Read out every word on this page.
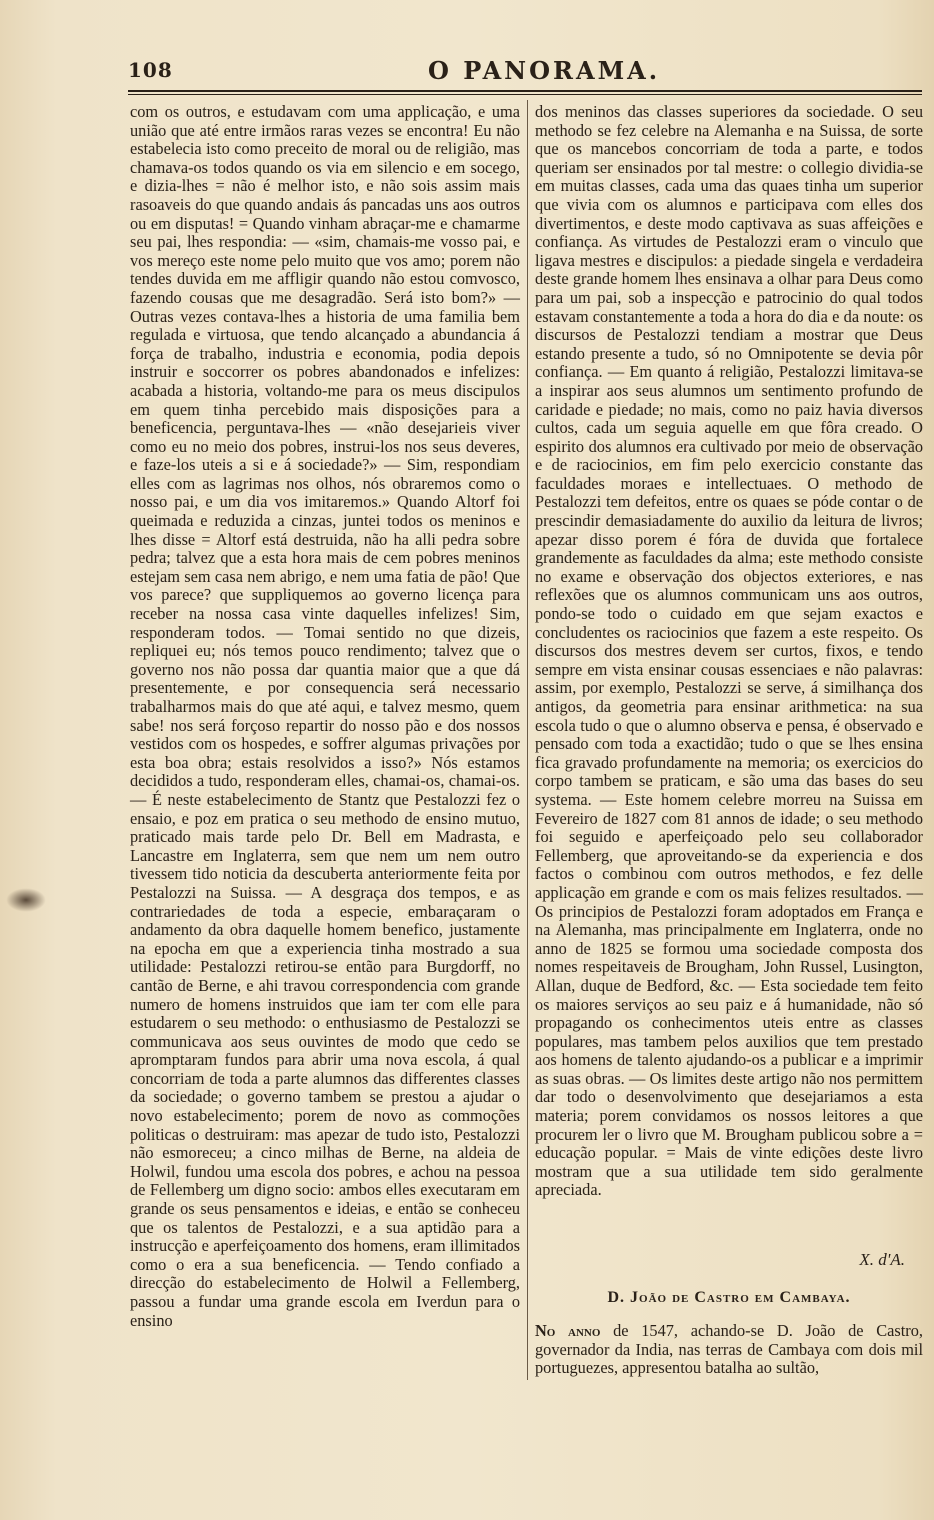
108	O PANORAMA.

com os outros, e estudavam com uma applicação, e uma união que até entre irmãos raras vezes se encontra! Eu não estabelecia isto como preceito de moral ou de religião, mas chamava-os todos quando os via em silencio e em socego, e dizia-lhes = não é melhor isto, e não sois assim mais rasoaveis do que quando andais ás pancadas uns aos outros ou em disputas! = Quando vinham abraçar-me e chamarme seu pai, lhes respondia: — «sim, chamais-me vosso pai, e vos mereço este nome pelo muito que vos amo; porem não tendes duvida em me affligir quando não estou comvosco, fazendo cousas que me desagradão. Será isto bom?» — Outras vezes contava-lhes a historia de uma familia bem regulada e virtuosa, que tendo alcançado a abundancia á força de trabalho, industria e economia, podia depois instruir e soccorrer os pobres abandonados e infelizes: acabada a historia, voltando-me para os meus discipulos em quem tinha percebido mais disposições para a beneficencia, perguntava-lhes — «não desejarieis viver como eu no meio dos pobres, instrui-los nos seus deveres, e faze-los uteis a si e á sociedade?» — Sim, respondiam elles com as lagrimas nos olhos, nós obraremos como o nosso pai, e um dia vos imitaremos.» Quando Altorf foi queimada e reduzida a cinzas, juntei todos os meninos e lhes disse = Altorf está destruida, não ha alli pedra sobre pedra; talvez que a esta hora mais de cem pobres meninos estejam sem casa nem abrigo, e nem uma fatia de pão! Que vos parece? que suppliquemos ao governo licença para receber na nossa casa vinte daquelles infelizes! Sim, responderam todos. — Tomai sentido no que dizeis, repliquei eu; nós temos pouco rendimento; talvez que o governo nos não possa dar quantia maior que a que dá presentemente, e por consequencia será necessario trabalharmos mais do que até aqui, e talvez mesmo, quem sabe! nos será forçoso repartir do nosso pão e dos nossos vestidos com os hospedes, e soffrer algumas privações por esta boa obra; estais resolvidos a isso?» Nós estamos decididos a tudo, responderam elles, chamai-os, chamai-os. — É neste estabelecimento de Stantz que Pestalozzi fez o ensaio, e poz em pratica o seu methodo de ensino mutuo, praticado mais tarde pelo Dr. Bell em Madrasta, e Lancastre em Inglaterra, sem que nem um nem outro tivessem tido noticia da descuberta anteriormente feita por Pestalozzi na Suissa. — A desgraça dos tempos, e as contrariedades de toda a especie, embaraçaram o andamento da obra daquelle homem benefico, justamente na epocha em que a experiencia tinha mostrado a sua utilidade: Pestalozzi retirou-se então para Burgdorff, no cantão de Berne, e ahi travou correspondencia com grande numero de homens instruidos que iam ter com elle para estudarem o seu methodo: o enthusiasmo de Pestalozzi se communicava aos seus ouvintes de modo que cedo se apromptaram fundos para abrir uma nova escola, á qual concorriam de toda a parte alumnos das differentes classes da sociedade; o governo tambem se prestou a ajudar o novo estabelecimento; porem de novo as commoções politicas o destruiram: mas apezar de tudo isto, Pestalozzi não esmoreceu; a cinco milhas de Berne, na aldeia de Holwil, fundou uma escola dos pobres, e achou na pessoa de Fellemberg um digno socio: ambos elles executaram em grande os seus pensamentos e ideias, e então se conheceu que os talentos de Pestalozzi, e a sua aptidão para a instrucção e aperfeiçoamento dos homens, eram illimitados como o era a sua beneficencia. — Tendo confiado a direcção do estabelecimento de Holwil a Fellemberg, passou a fundar uma grande escola em Iverdun para o ensino

dos meninos das classes superiores da sociedade. O seu methodo se fez celebre na Alemanha e na Suissa, de sorte que os mancebos concorriam de toda a parte, e todos queriam ser ensinados por tal mestre: o collegio dividia-se em muitas classes, cada uma das quaes tinha um superior que vivia com os alumnos e participava com elles dos divertimentos, e deste modo captivava as suas affeições e confiança. As virtudes de Pestalozzi eram o vinculo que ligava mestres e discipulos: a piedade singela e verdadeira deste grande homem lhes ensinava a olhar para Deus como para um pai, sob a inspecção e patrocinio do qual todos estavam constantemente a toda a hora do dia e da noute: os discursos de Pestalozzi tendiam a mostrar que Deus estando presente a tudo, só no Omnipotente se devia pôr confiança. — Em quanto á religião, Pestalozzi limitava-se a inspirar aos seus alumnos um sentimento profundo de caridade e piedade; no mais, como no paiz havia diversos cultos, cada um seguia aquelle em que fôra creado. O espirito dos alumnos era cultivado por meio de observação e de raciocinios, em fim pelo exercicio constante das faculdades moraes e intellectuaes. O methodo de Pestalozzi tem defeitos, entre os quaes se póde contar o de prescindir demasiadamente do auxilio da leitura de livros; apezar disso porem é fóra de duvida que fortalece grandemente as faculdades da alma; este methodo consiste no exame e observação dos objectos exteriores, e nas reflexões que os alumnos communicam uns aos outros, pondo-se todo o cuidado em que sejam exactos e concludentes os raciocinios que fazem a este respeito. Os discursos dos mestres devem ser curtos, fixos, e tendo sempre em vista ensinar cousas essenciaes e não palavras: assim, por exemplo, Pestalozzi se serve, á similhança dos antigos, da geometria para ensinar arithmetica: na sua escola tudo o que o alumno observa e pensa, é observado e pensado com toda a exactidão; tudo o que se lhes ensina fica gravado profundamente na memoria; os exercicios do corpo tambem se praticam, e são uma das bases do seu systema. — Este homem celebre morreu na Suissa em Fevereiro de 1827 com 81 annos de idade; o seu methodo foi seguido e aperfeiçoado pelo seu collaborador Fellemberg, que aproveitando-se da experiencia e dos factos o combinou com outros methodos, e fez delle applicação em grande e com os mais felizes resultados. — Os principios de Pestalozzi foram adoptados em França e na Alemanha, mas principalmente em Inglaterra, onde no anno de 1825 se formou uma sociedade composta dos nomes respeitaveis de Brougham, John Russel, Lusington, Allan, duque de Bedford, &c. — Esta sociedade tem feito os maiores serviços ao seu paiz e á humanidade, não só propagando os conhecimentos uteis entre as classes populares, mas tambem pelos auxilios que tem prestado aos homens de talento ajudando-os a publicar e a imprimir as suas obras. — Os limites deste artigo não nos permittem dar todo o desenvolvimento que desejariamos a esta materia; porem convidamos os nossos leitores a que procurem ler o livro que M. Brougham publicou sobre a = educação popular. = Mais de vinte edições deste livro mostram que a sua utilidade tem sido geralmente apreciada.

X. d'A.
D. João de Castro em Cambaya.

No anno de 1547, achando-se D. João de Castro, governador da India, nas terras de Cambaya com dois mil portuguezes, appresentou batalha ao sultão,
